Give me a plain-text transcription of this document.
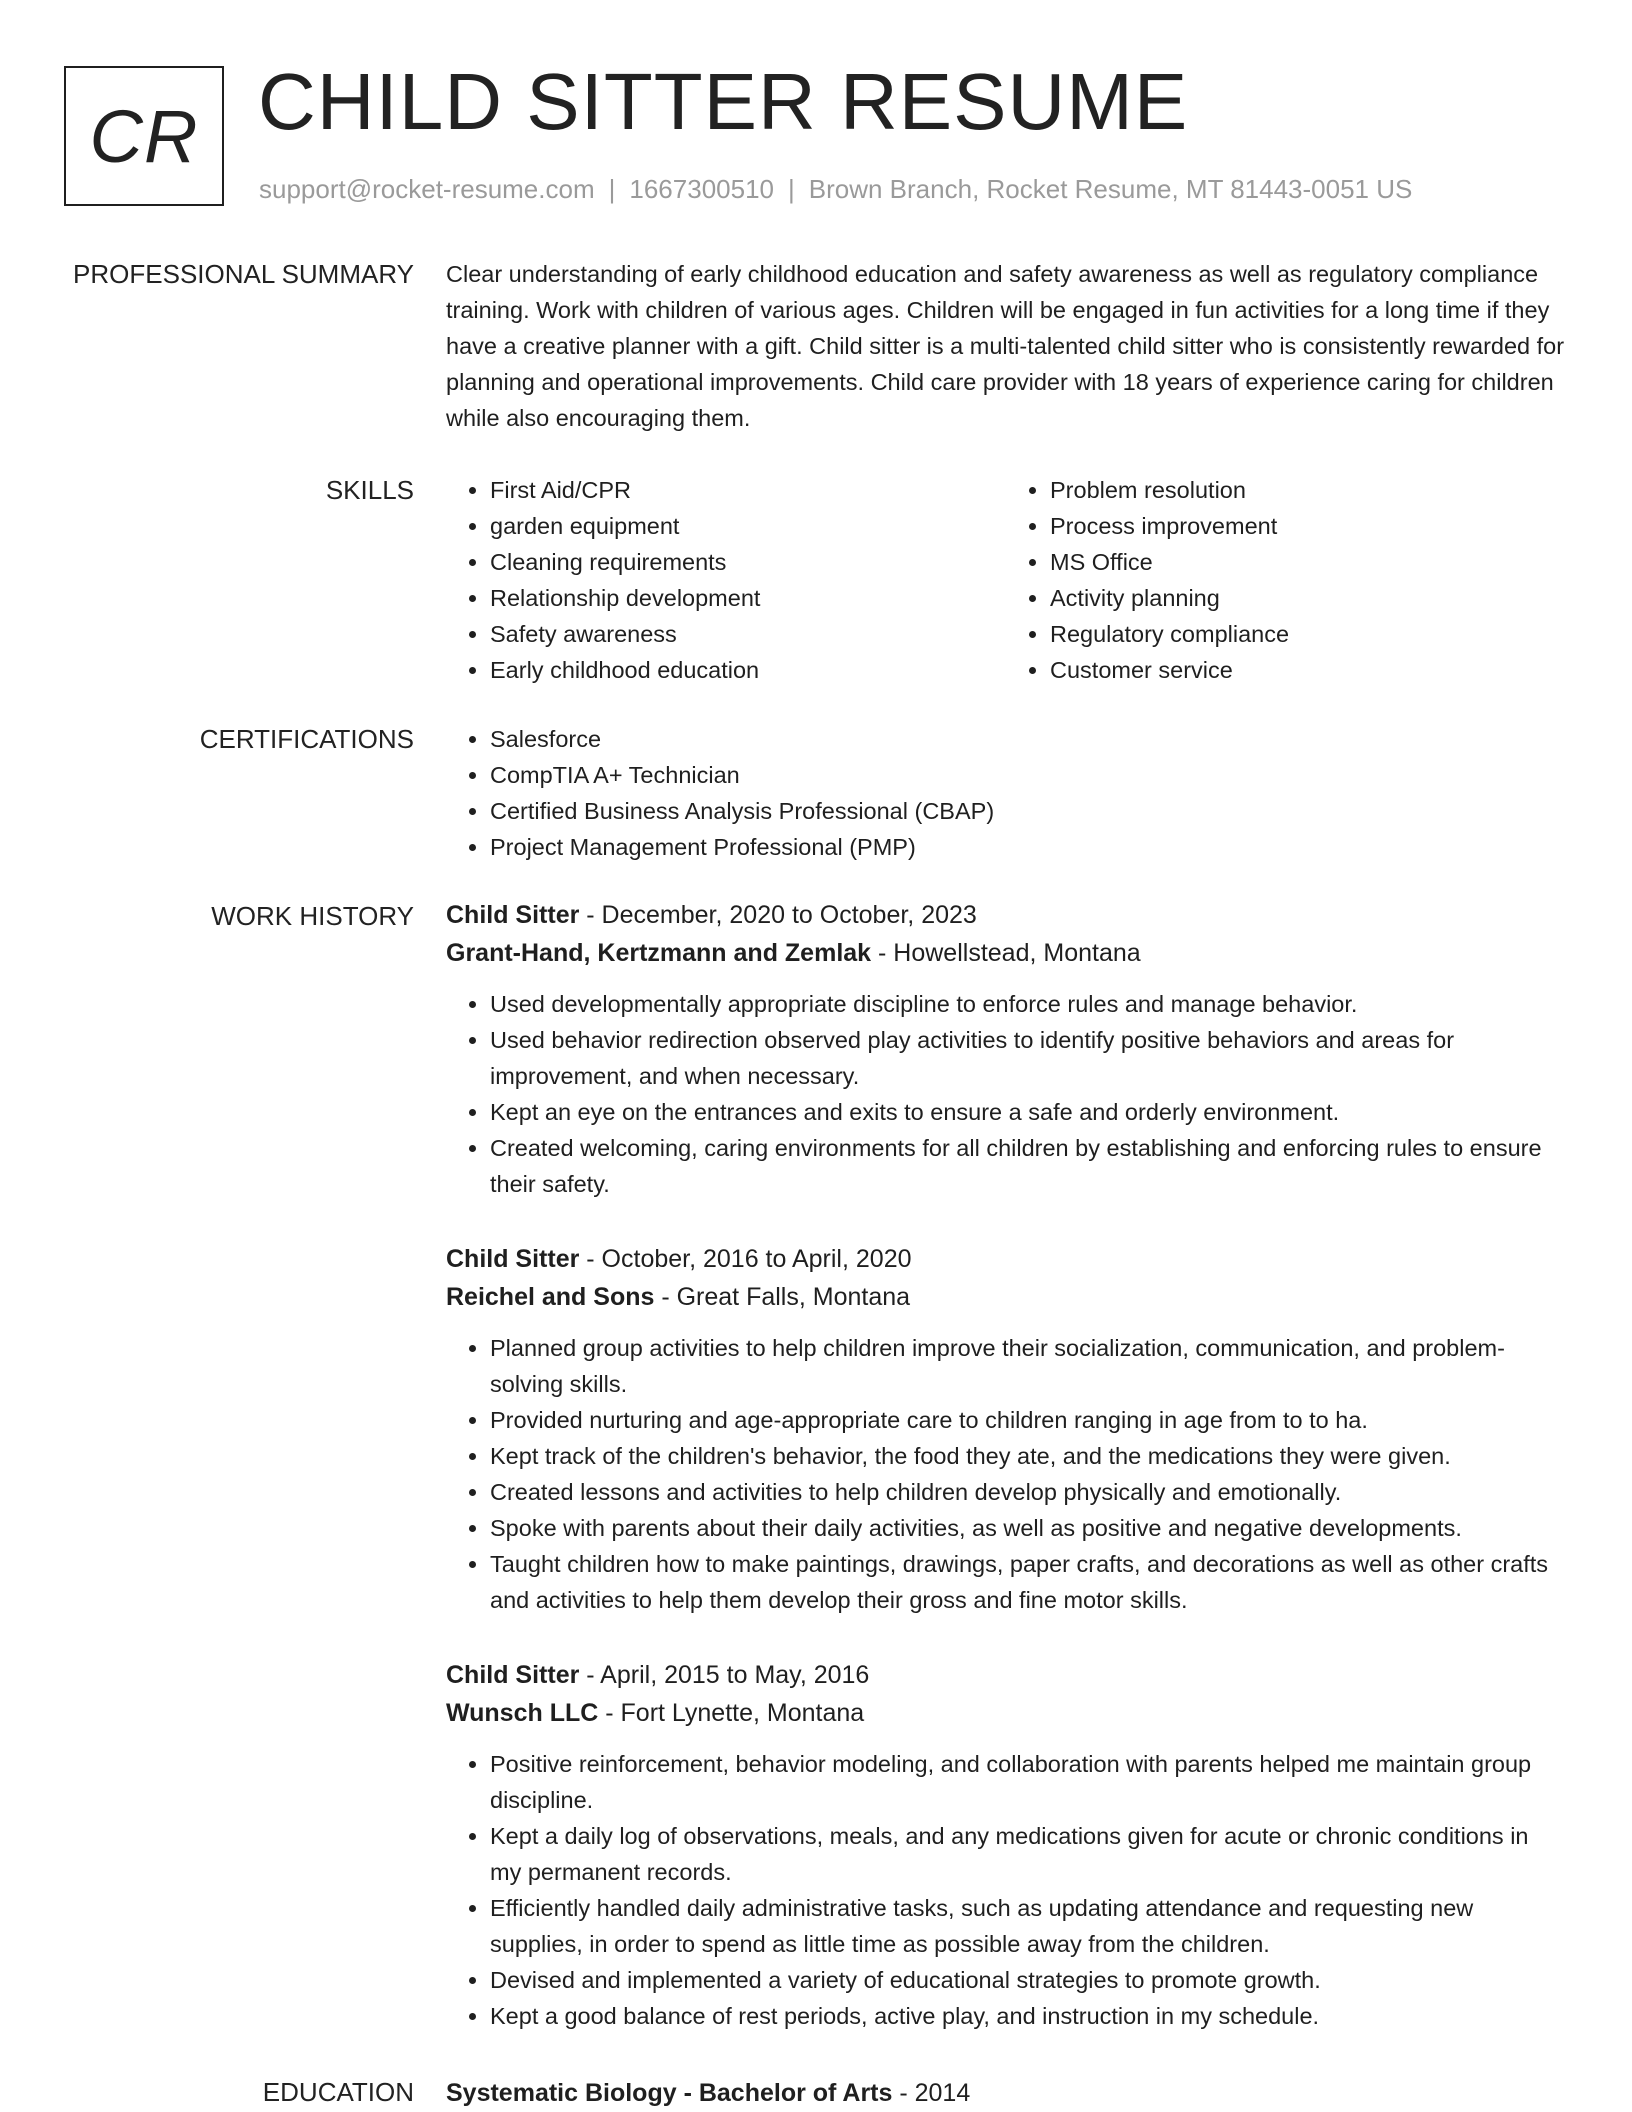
CR CHILD SITTER RESUME
support@rocket-resume.com | 1667300510 | Brown Branch, Rocket Resume, MT 81443-0051 US
PROFESSIONAL SUMMARY Clear understanding of early childhood education and safety awareness as well as regulatory compliance training. Work with children of various ages. Children will be engaged in fun activities for a long time if they have a creative planner with a gift. Child sitter is a multi-talented child sitter who is consistently rewarded for planning and operational improvements. Child care provider with 18 years of experience caring for children while also encouraging them.

SKILLS	• First Aid/CPR
• garden equipment
• Cleaning requirements
• Relationship development
• Safety awareness
• Early childhood education
• Problem resolution
• Process improvement
• MS Office
• Activity planning
• Regulatory compliance
• Customer service
CERTIFICATIONS	• Salesforce
• CompTIA A+ Technician
• Certified Business Analysis Professional (CBAP)
• Project Management Professional (PMP)
WORK HISTORY Child Sitter - December, 2020 to October, 2023
Grant-Hand, Kertzmann and Zemlak - Howellstead, Montana
• Used developmentally appropriate discipline to enforce rules and manage behavior.
• Used behavior redirection observed play activities to identify positive behaviors and areas for improvement, and when necessary.
• Kept an eye on the entrances and exits to ensure a safe and orderly environment.
• Created welcoming, caring environments for all children by establishing and enforcing rules to ensure their safety.
Child Sitter - October, 2016 to April, 2020
Reichel and Sons - Great Falls, Montana
• Planned group activities to help children improve their socialization, communication, and problem-solving skills.
• Provided nurturing and age-appropriate care to children ranging in age from to to ha.
• Kept track of the children's behavior, the food they ate, and the medications they were given.
• Created lessons and activities to help children develop physically and emotionally.
• Spoke with parents about their daily activities, as well as positive and negative developments.
• Taught children how to make paintings, drawings, paper crafts, and decorations as well as other crafts and activities to help them develop their gross and fine motor skills.
Child Sitter - April, 2015 to May, 2016
Wunsch LLC - Fort Lynette, Montana
• Positive reinforcement, behavior modeling, and collaboration with parents helped me maintain group discipline.
• Kept a daily log of observations, meals, and any medications given for acute or chronic conditions in my permanent records.
• Efficiently handled daily administrative tasks, such as updating attendance and requesting new supplies, in order to spend as little time as possible away from the children.
• Devised and implemented a variety of educational strategies to promote growth.
• Kept a good balance of rest periods, active play, and instruction in my schedule.
EDUCATION Systematic Biology - Bachelor of Arts - 2014
